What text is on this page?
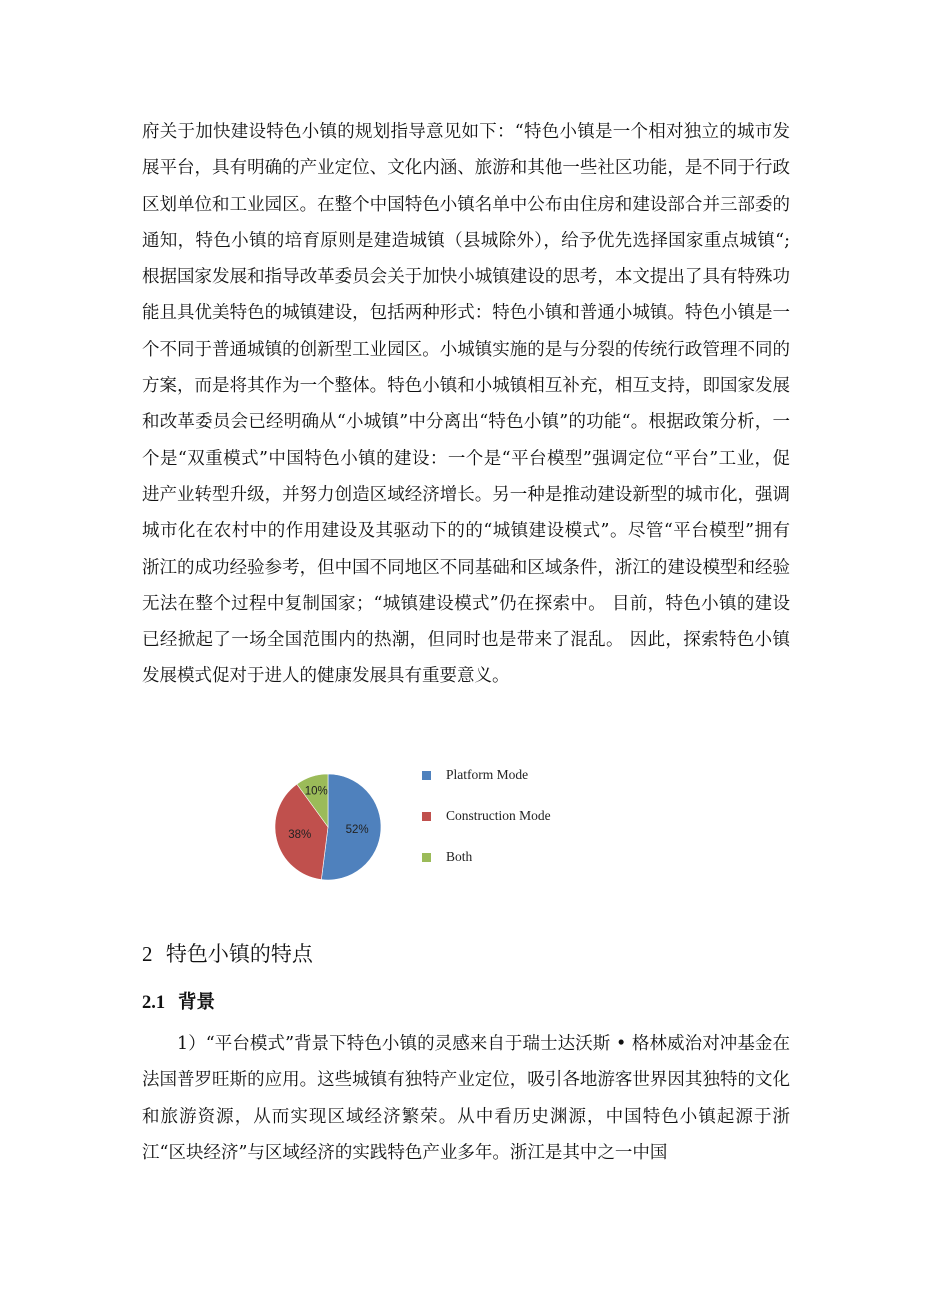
府关于加快建设特色小镇的规划指导意见如下：“特色小镇是一个相对独立的城市发展平台，具有明确的产业定位、文化内涵、旅游和其他一些社区功能，是不同于行政区划单位和工业园区。在整个中国特色小镇名单中公布由住房和建设部合并三部委的通知，特色小镇的培育原则是建造城镇（县城除外），给予优先选择国家重点城镇“;根据国家发展和指导改革委员会关于加快小城镇建设的思考，本文提出了具有特殊功能且具优美特色的城镇建设，包括两种形式：特色小镇和普通小城镇。特色小镇是一个不同于普通城镇的创新型工业园区。小城镇实施的是与分裂的传统行政管理不同的方案，而是将其作为一个整体。特色小镇和小城镇相互补充，相互支持，即国家发展和改革委员会已经明确从“小城镇”中分离出“特色小镇”的功能“。根据政策分析，一个是“双重模式”中国特色小镇的建设：一个是“平台模型”强调定位“平台”工业，促进产业转型升级，并努力创造区域经济增长。另一种是推动建设新型的城市化，强调城市化在农村中的作用建设及其驱动下的的“城镇建设模式”。尽管“平台模型”拥有浙江的成功经验参考，但中国不同地区不同基础和区域条件，浙江的建设模型和经验无法在整个过程中复制国家；“城镇建设模式”仍在探索中。 目前，特色小镇的建设已经掀起了一场全国范围内的热潮，但同时也是带来了混乱。 因此，探索特色小镇发展模式促对于进人的健康发展具有重要意义。

52%
38%
10%
Platform Mode
Construction Mode
Both
2 特色小镇的特点
2.1 背景

1）“平台模式”背景下特色小镇的灵感来自于瑞士达沃斯 • 格林威治对冲基金在法国普罗旺斯的应用。这些城镇有独特产业定位，吸引各地游客世界因其独特的文化和旅游资源，从而实现区域经济繁荣。从中看历史渊源，中国特色小镇起源于浙江“区块经济”与区域经济的实践特色产业多年。浙江是其中之一中国
